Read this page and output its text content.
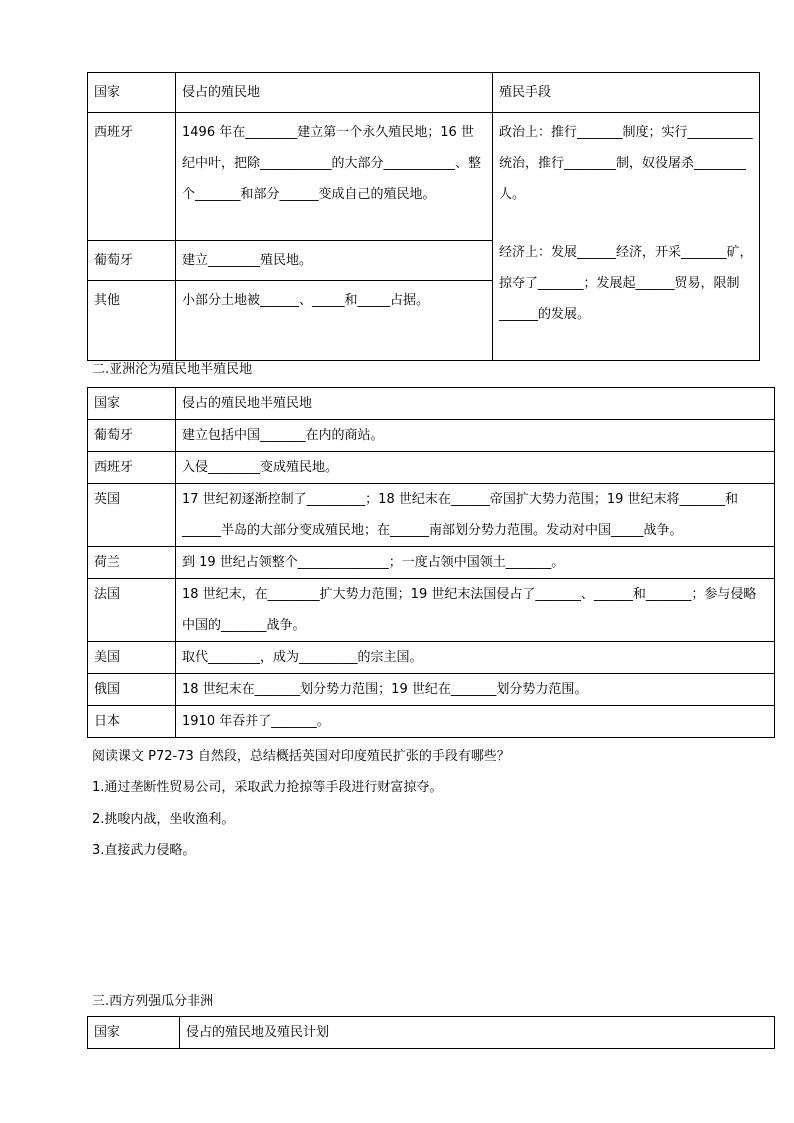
国家	侵占的殖民地	殖民手段
西班牙	1496 年在________建立第一个永久殖民地；16 世纪中叶，把除___________的大部分___________、整个_______和部分______变成自己的殖民地。	政治上：推行_______制度；实行__________统治，推行________制，奴役屠杀________人。
经济上：发展______经济，开采_______矿，掠夺了_______；发展起______贸易，限制______的发展。

葡萄牙	建立________殖民地。	
其他	小部分土地被______、_____和_____占据。	
二.亚洲沦为殖民地半殖民地
国家	侵占的殖民地半殖民地
葡萄牙	建立包括中国_______在内的商站。
西班牙	入侵________变成殖民地。
英国	17 世纪初逐渐控制了_________；18 世纪末在______帝国扩大势力范围；19 世纪末将_______和______半岛的大部分变成殖民地；在______南部划分势力范围。发动对中国_____战争。
荷兰	到 19 世纪占领整个______________；一度占领中国领土_______。
法国	18 世纪末，在________扩大势力范围；19 世纪末法国侵占了_______、______和_______；参与侵略中国的_______战争。
美国	取代________，成为_________的宗主国。
俄国	18 世纪末在_______划分势力范围；19 世纪在_______划分势力范围。
日本	1910 年吞并了_______。
阅读课文 P72-73 自然段，总结概括英国对印度殖民扩张的手段有哪些？
1.通过垄断性贸易公司，采取武力抢掠等手段进行财富掠夺。
2.挑唆内战，坐收渔利。
3.直接武力侵略。
三.西方列强瓜分非洲
国家	侵占的殖民地及殖民计划
